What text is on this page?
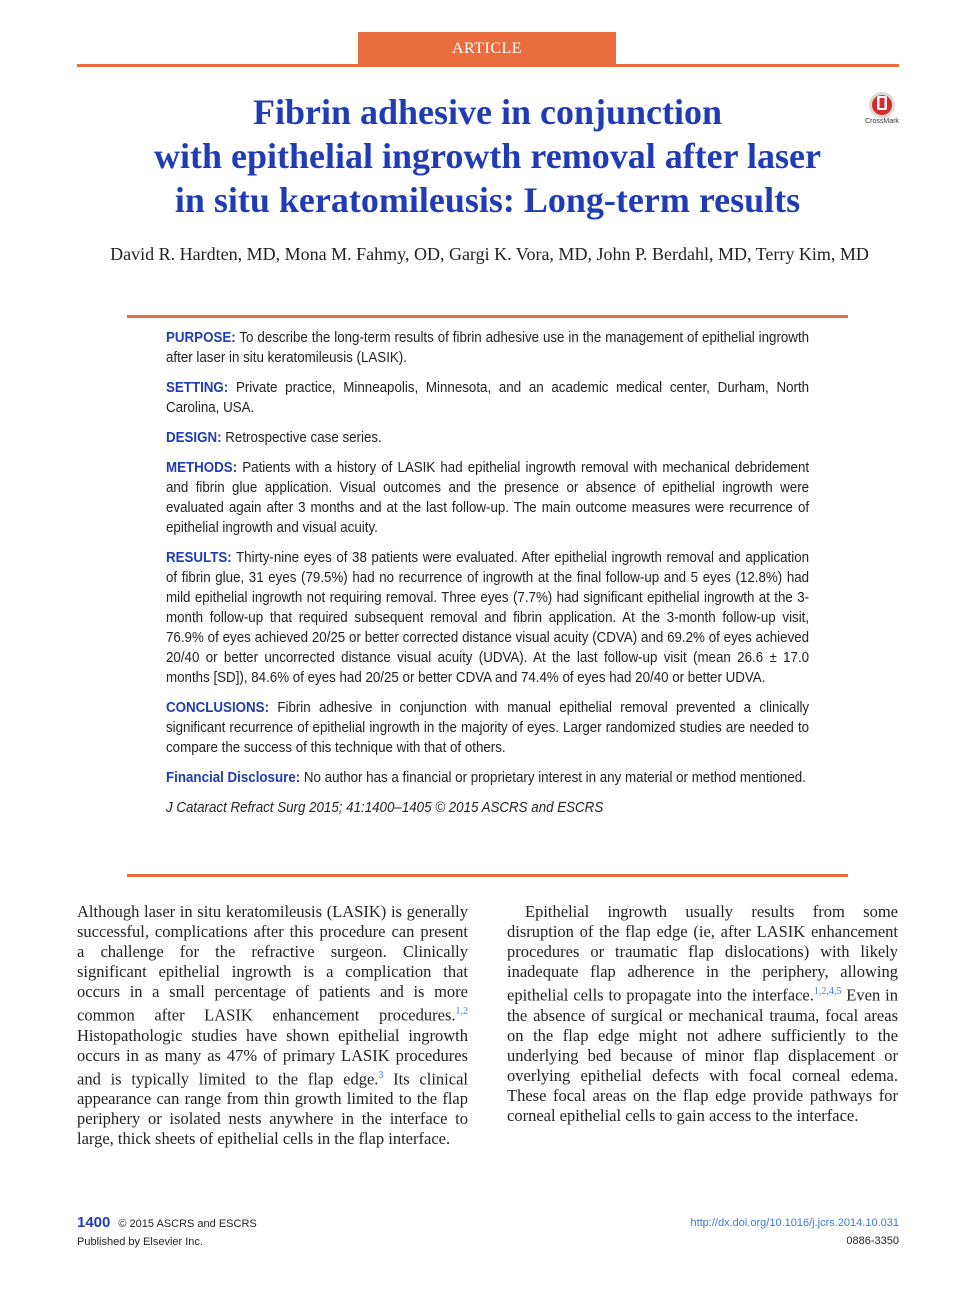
ARTICLE
Fibrin adhesive in conjunction
with epithelial ingrowth removal after laser
in situ keratomileusis: Long-term results
CrossMark
David R. Hardten, MD, Mona M. Fahmy, OD, Gargi K. Vora, MD, John P. Berdahl, MD, Terry Kim, MD
PURPOSE: To describe the long-term results of fibrin adhesive use in the management of epithelial ingrowth after laser in situ keratomileusis (LASIK).
SETTING: Private practice, Minneapolis, Minnesota, and an academic medical center, Durham, North Carolina, USA.
DESIGN: Retrospective case series.
METHODS: Patients with a history of LASIK had epithelial ingrowth removal with mechanical debridement and fibrin glue application. Visual outcomes and the presence or absence of epithelial ingrowth were evaluated again after 3 months and at the last follow-up. The main outcome measures were recurrence of epithelial ingrowth and visual acuity.
RESULTS: Thirty-nine eyes of 38 patients were evaluated. After epithelial ingrowth removal and application of fibrin glue, 31 eyes (79.5%) had no recurrence of ingrowth at the final follow-up and 5 eyes (12.8%) had mild epithelial ingrowth not requiring removal. Three eyes (7.7%) had significant epithelial ingrowth at the 3-month follow-up that required subsequent removal and fibrin application. At the 3-month follow-up visit, 76.9% of eyes achieved 20/25 or better corrected distance visual acuity (CDVA) and 69.2% of eyes achieved 20/40 or better uncorrected distance visual acuity (UDVA). At the last follow-up visit (mean 26.6 ± 17.0 months [SD]), 84.6% of eyes had 20/25 or better CDVA and 74.4% of eyes had 20/40 or better UDVA.
CONCLUSIONS: Fibrin adhesive in conjunction with manual epithelial removal prevented a clinically significant recurrence of epithelial ingrowth in the majority of eyes. Larger randomized studies are needed to compare the success of this technique with that of others.
Financial Disclosure: No author has a financial or proprietary interest in any material or method mentioned.
J Cataract Refract Surg 2015; 41:1400–1405 © 2015 ASCRS and ESCRS
Although laser in situ keratomileusis (LASIK) is generally successful, complications after this procedure can present a challenge for the refractive surgeon. Clinically significant epithelial ingrowth is a complication that occurs in a small percentage of patients and is more common after LASIK enhancement procedures.$^{1,2}$ Histopathologic studies have shown epithelial ingrowth occurs in as many as 47% of primary LASIK procedures and is typically limited to the flap edge.$^3$ Its clinical appearance can range from thin growth limited to the flap periphery or isolated nests anywhere in the interface to large, thick sheets of epithelial cells in the flap interface.
Epithelial ingrowth usually results from some disruption of the flap edge (ie, after LASIK enhancement procedures or traumatic flap dislocations) with likely inadequate flap adherence in the periphery, allowing epithelial cells to propagate into the interface.$^{1,2,4,5}$ Even in the absence of surgical or mechanical trauma, focal areas on the flap edge might not adhere sufficiently to the underlying bed because of minor flap displacement or overlying epithelial defects with focal corneal edema. These focal areas on the flap edge provide pathways for corneal epithelial cells to gain access to the interface.
1400 © 2015 ASCRS and ESCRS
Published by Elsevier Inc.
http://dx.doi.org/10.1016/j.jcrs.2014.10.031
0886-3350
